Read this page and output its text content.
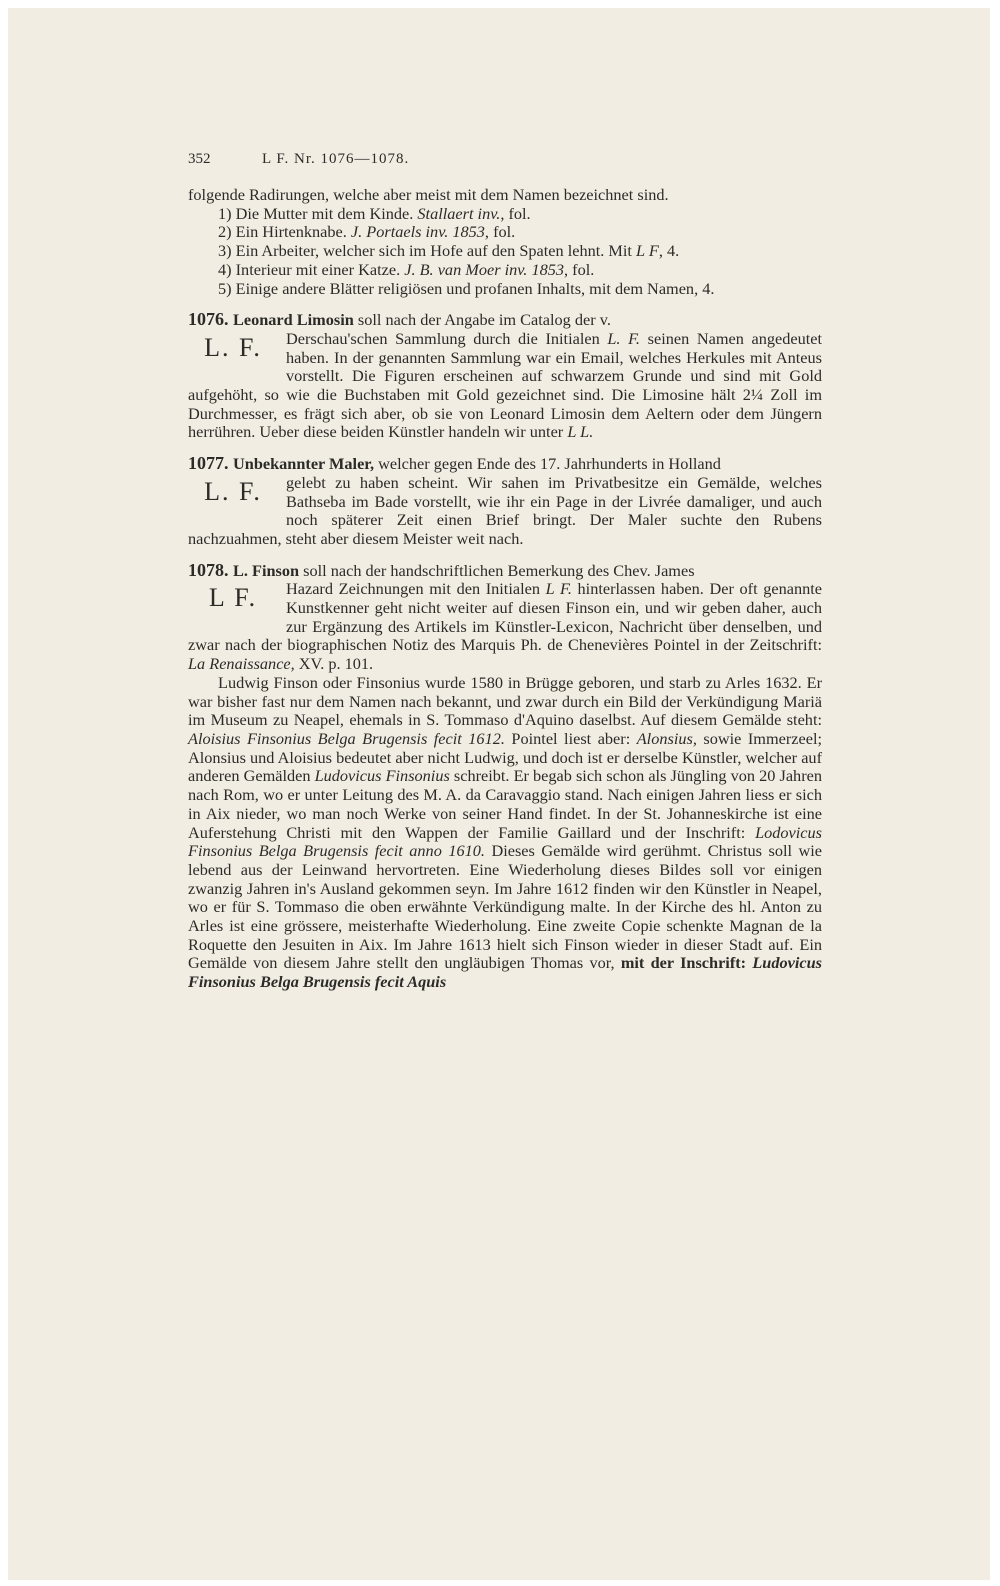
352	L F. Nr. 1076—1078.

folgende Radirungen, welche aber meist mit dem Namen bezeichnet sind.

1) Die Mutter mit dem Kinde. Stallaert inv., fol.

2) Ein Hirtenknabe. J. Portaels inv. 1853, fol.

3) Ein Arbeiter, welcher sich im Hofe auf den Spaten lehnt. Mit L F, 4.

4) Interieur mit einer Katze. J. B. van Moer inv. 1853, fol.

5) Einige andere Blätter religiösen und profanen Inhalts, mit dem Namen, 4.

1076. Leonard Limosin soll nach der Angabe im Catalog der v.

L. F.	Derschau'schen Sammlung durch die Initialen L. F. seinen Namen angedeutet haben. In der genannten Sammlung war ein Email, welches Herkules mit Anteus vorstellt. Die Figuren erscheinen auf schwarzem Grunde und sind mit Gold aufgehöht, so wie die Buchstaben mit Gold gezeichnet sind. Die Limosine hält 2¼ Zoll im Durchmesser, es frägt sich aber, ob sie von Leonard Limosin dem Aeltern oder dem Jüngern herrühren. Ueber diese beiden Künstler handeln wir unter L L.

1077. Unbekannter Maler, welcher gegen Ende des 17. Jahrhunderts in Holland

L. F.	gelebt zu haben scheint. Wir sahen im Privatbesitze ein Gemälde, welches Bathseba im Bade vorstellt, wie ihr ein Page in der Livrée damaliger, und auch noch späterer Zeit einen Brief bringt. Der Maler suchte den Rubens nachzuahmen, steht aber diesem Meister weit nach.

1078. L. Finson soll nach der handschriftlichen Bemerkung des Chev. James

L F.	Hazard Zeichnungen mit den Initialen L F. hinterlassen haben. Der oft genannte Kunstkenner geht nicht weiter auf diesen Finson ein, und wir geben daher, auch zur Ergänzung des Artikels im Künstler-Lexicon, Nachricht über denselben, und zwar nach der biographischen Notiz des Marquis Ph. de Chenevières Pointel in der Zeitschrift: La Renaissance, XV. p. 101.

Ludwig Finson oder Finsonius wurde 1580 in Brügge geboren, und starb zu Arles 1632. Er war bisher fast nur dem Namen nach bekannt, und zwar durch ein Bild der Verkündigung Mariä im Museum zu Neapel, ehemals in S. Tommaso d'Aquino daselbst. Auf diesem Gemälde steht: Aloisius Finsonius Belga Brugensis fecit 1612. Pointel liest aber: Alonsius, sowie Immerzeel; Alonsius und Aloisius bedeutet aber nicht Ludwig, und doch ist er derselbe Künstler, welcher auf anderen Gemälden Ludovicus Finsonius schreibt. Er begab sich schon als Jüngling von 20 Jahren nach Rom, wo er unter Leitung des M. A. da Caravaggio stand. Nach einigen Jahren liess er sich in Aix nieder, wo man noch Werke von seiner Hand findet. In der St. Johanneskirche ist eine Auferstehung Christi mit den Wappen der Familie Gaillard und der Inschrift: Lodovicus Finsonius Belga Brugensis fecit anno 1610. Dieses Gemälde wird gerühmt. Christus soll wie lebend aus der Leinwand hervortreten. Eine Wiederholung dieses Bildes soll vor einigen zwanzig Jahren in's Ausland gekommen seyn. Im Jahre 1612 finden wir den Künstler in Neapel, wo er für S. Tommaso die oben erwähnte Verkündigung malte. In der Kirche des hl. Anton zu Arles ist eine grössere, meisterhafte Wiederholung. Eine zweite Copie schenkte Magnan de la Roquette den Jesuiten in Aix. Im Jahre 1613 hielt sich Finson wieder in dieser Stadt auf. Ein Gemälde von diesem Jahre stellt den ungläubigen Thomas vor, mit der Inschrift: Ludovicus Finsonius Belga Brugensis fecit Aquis
